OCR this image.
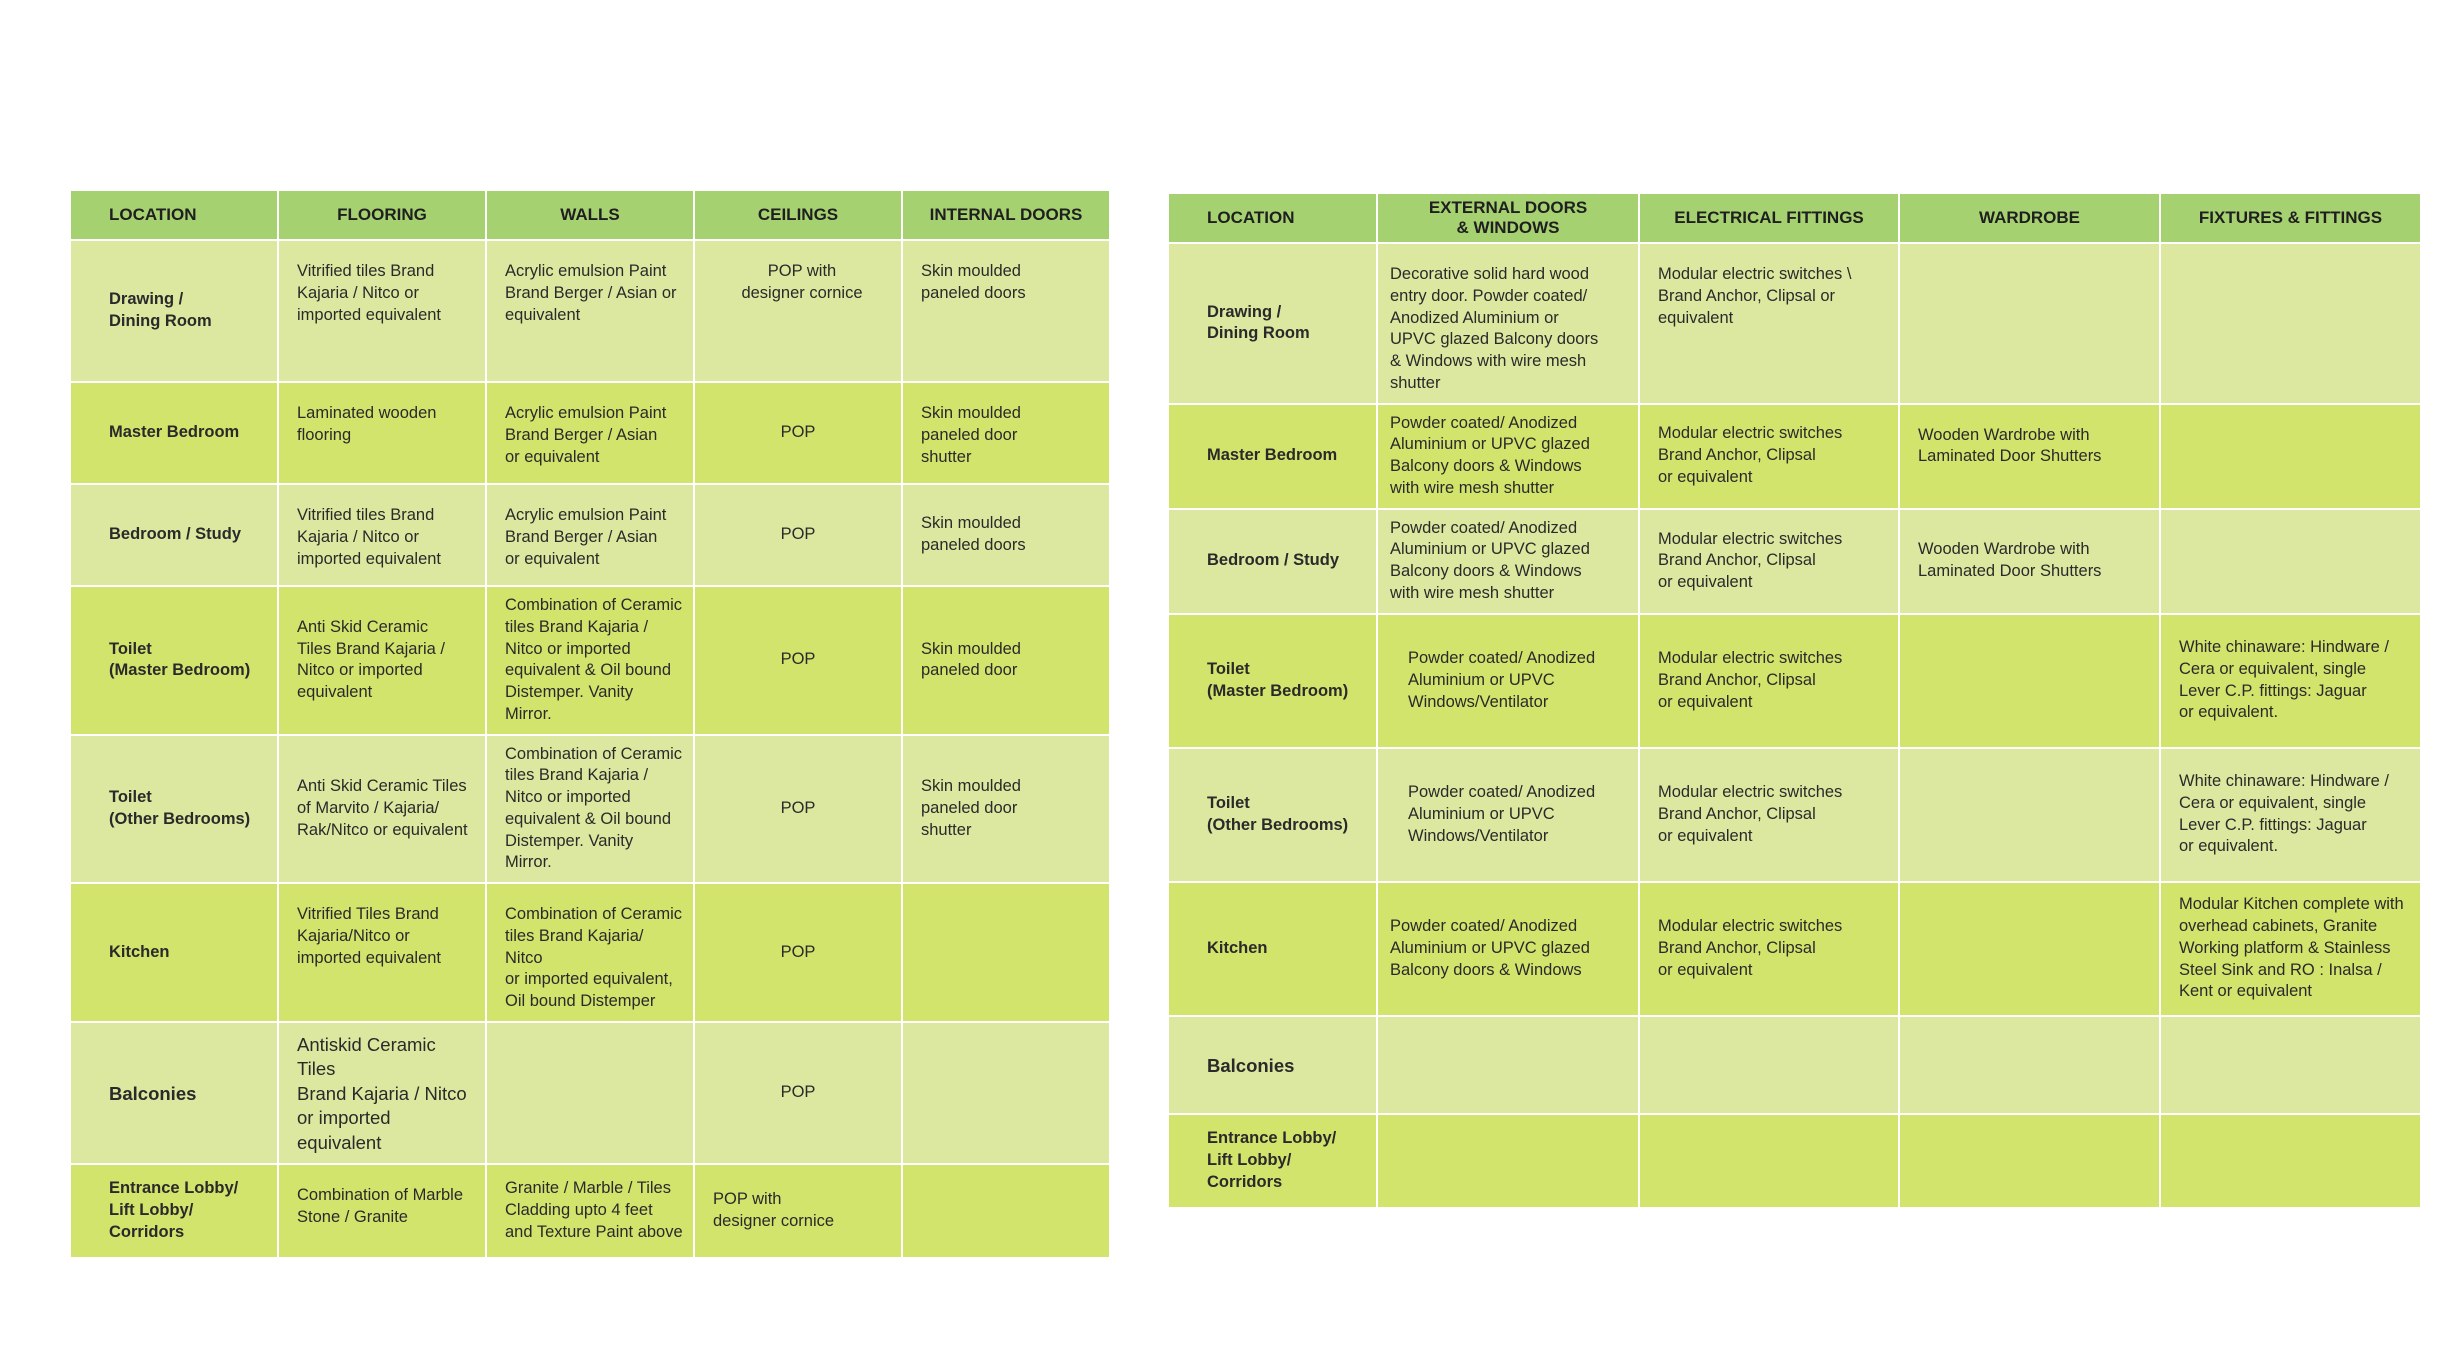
LOCATION	FLOORING	WALLS	CEILINGS	INTERNAL DOORS
Drawing /
Dining Room	Vitrified tiles Brand
Kajaria / Nitco or
imported equivalent	Acrylic emulsion Paint
Brand Berger / Asian or
equivalent	POP with
designer cornice	Skin moulded
paneled doors
Master Bedroom	Laminated wooden
flooring	Acrylic emulsion Paint
Brand Berger / Asian
or equivalent	POP	Skin moulded
paneled door
shutter
Bedroom / Study	Vitrified tiles Brand
Kajaria / Nitco or
imported equivalent	Acrylic emulsion Paint
Brand Berger / Asian
or equivalent	POP	Skin moulded
paneled doors
Toilet
(Master Bedroom)	Anti Skid Ceramic
Tiles Brand Kajaria /
Nitco or imported
equivalent	Combination of Ceramic
tiles Brand Kajaria /
Nitco or imported
equivalent & Oil bound
Distemper. Vanity Mirror.	POP	Skin moulded
paneled door
Toilet
(Other Bedrooms)	Anti Skid Ceramic Tiles
of Marvito / Kajaria/
Rak/Nitco or equivalent	Combination of Ceramic
tiles Brand Kajaria /
Nitco or imported
equivalent & Oil bound
Distemper. Vanity Mirror.	POP	Skin moulded
paneled door
shutter
Kitchen	Vitrified Tiles Brand
Kajaria/Nitco or
imported equivalent	Combination of Ceramic
tiles Brand Kajaria/ Nitco
or imported equivalent,
Oil bound Distemper	POP	
Balconies	Antiskid Ceramic Tiles
Brand Kajaria / Nitco
or imported equivalent		POP	
Entrance Lobby/
Lift Lobby/ Corridors	Combination of Marble
Stone / Granite	Granite / Marble / Tiles
Cladding upto 4 feet
and Texture Paint above	POP with
designer cornice	
LOCATION	EXTERNAL DOORS
& WINDOWS	ELECTRICAL FITTINGS	WARDROBE	FIXTURES & FITTINGS
Drawing /
Dining Room	Decorative solid hard wood
entry door. Powder coated/
Anodized Aluminium or
UPVC glazed Balcony doors
& Windows with wire mesh shutter	Modular electric switches \
Brand Anchor, Clipsal or
equivalent		
Master Bedroom	Powder coated/ Anodized
Aluminium or UPVC glazed
Balcony doors & Windows
with wire mesh shutter	Modular electric switches
Brand Anchor, Clipsal
or equivalent	Wooden Wardrobe with
Laminated Door Shutters	
Bedroom / Study	Powder coated/ Anodized
Aluminium or UPVC glazed
Balcony doors & Windows
with wire mesh shutter	Modular electric switches
Brand Anchor, Clipsal
or equivalent	Wooden Wardrobe with
Laminated Door Shutters	
Toilet
(Master Bedroom)	Powder coated/ Anodized
Aluminium or UPVC
Windows/Ventilator	Modular electric switches
Brand Anchor, Clipsal
or equivalent		White chinaware: Hindware /
Cera or equivalent, single
Lever C.P. fittings: Jaguar
or equivalent.
Toilet
(Other Bedrooms)	Powder coated/ Anodized
Aluminium or UPVC
Windows/Ventilator	Modular electric switches
Brand Anchor, Clipsal
or equivalent		White chinaware: Hindware /
Cera or equivalent, single
Lever C.P. fittings: Jaguar
or equivalent.
Kitchen	Powder coated/ Anodized
Aluminium or UPVC glazed
Balcony doors & Windows	Modular electric switches
Brand Anchor, Clipsal
or equivalent		Modular Kitchen complete with
overhead cabinets, Granite
Working platform & Stainless
Steel Sink and RO : Inalsa /
Kent or equivalent
Balconies				
Entrance Lobby/
Lift Lobby/ Corridors				
